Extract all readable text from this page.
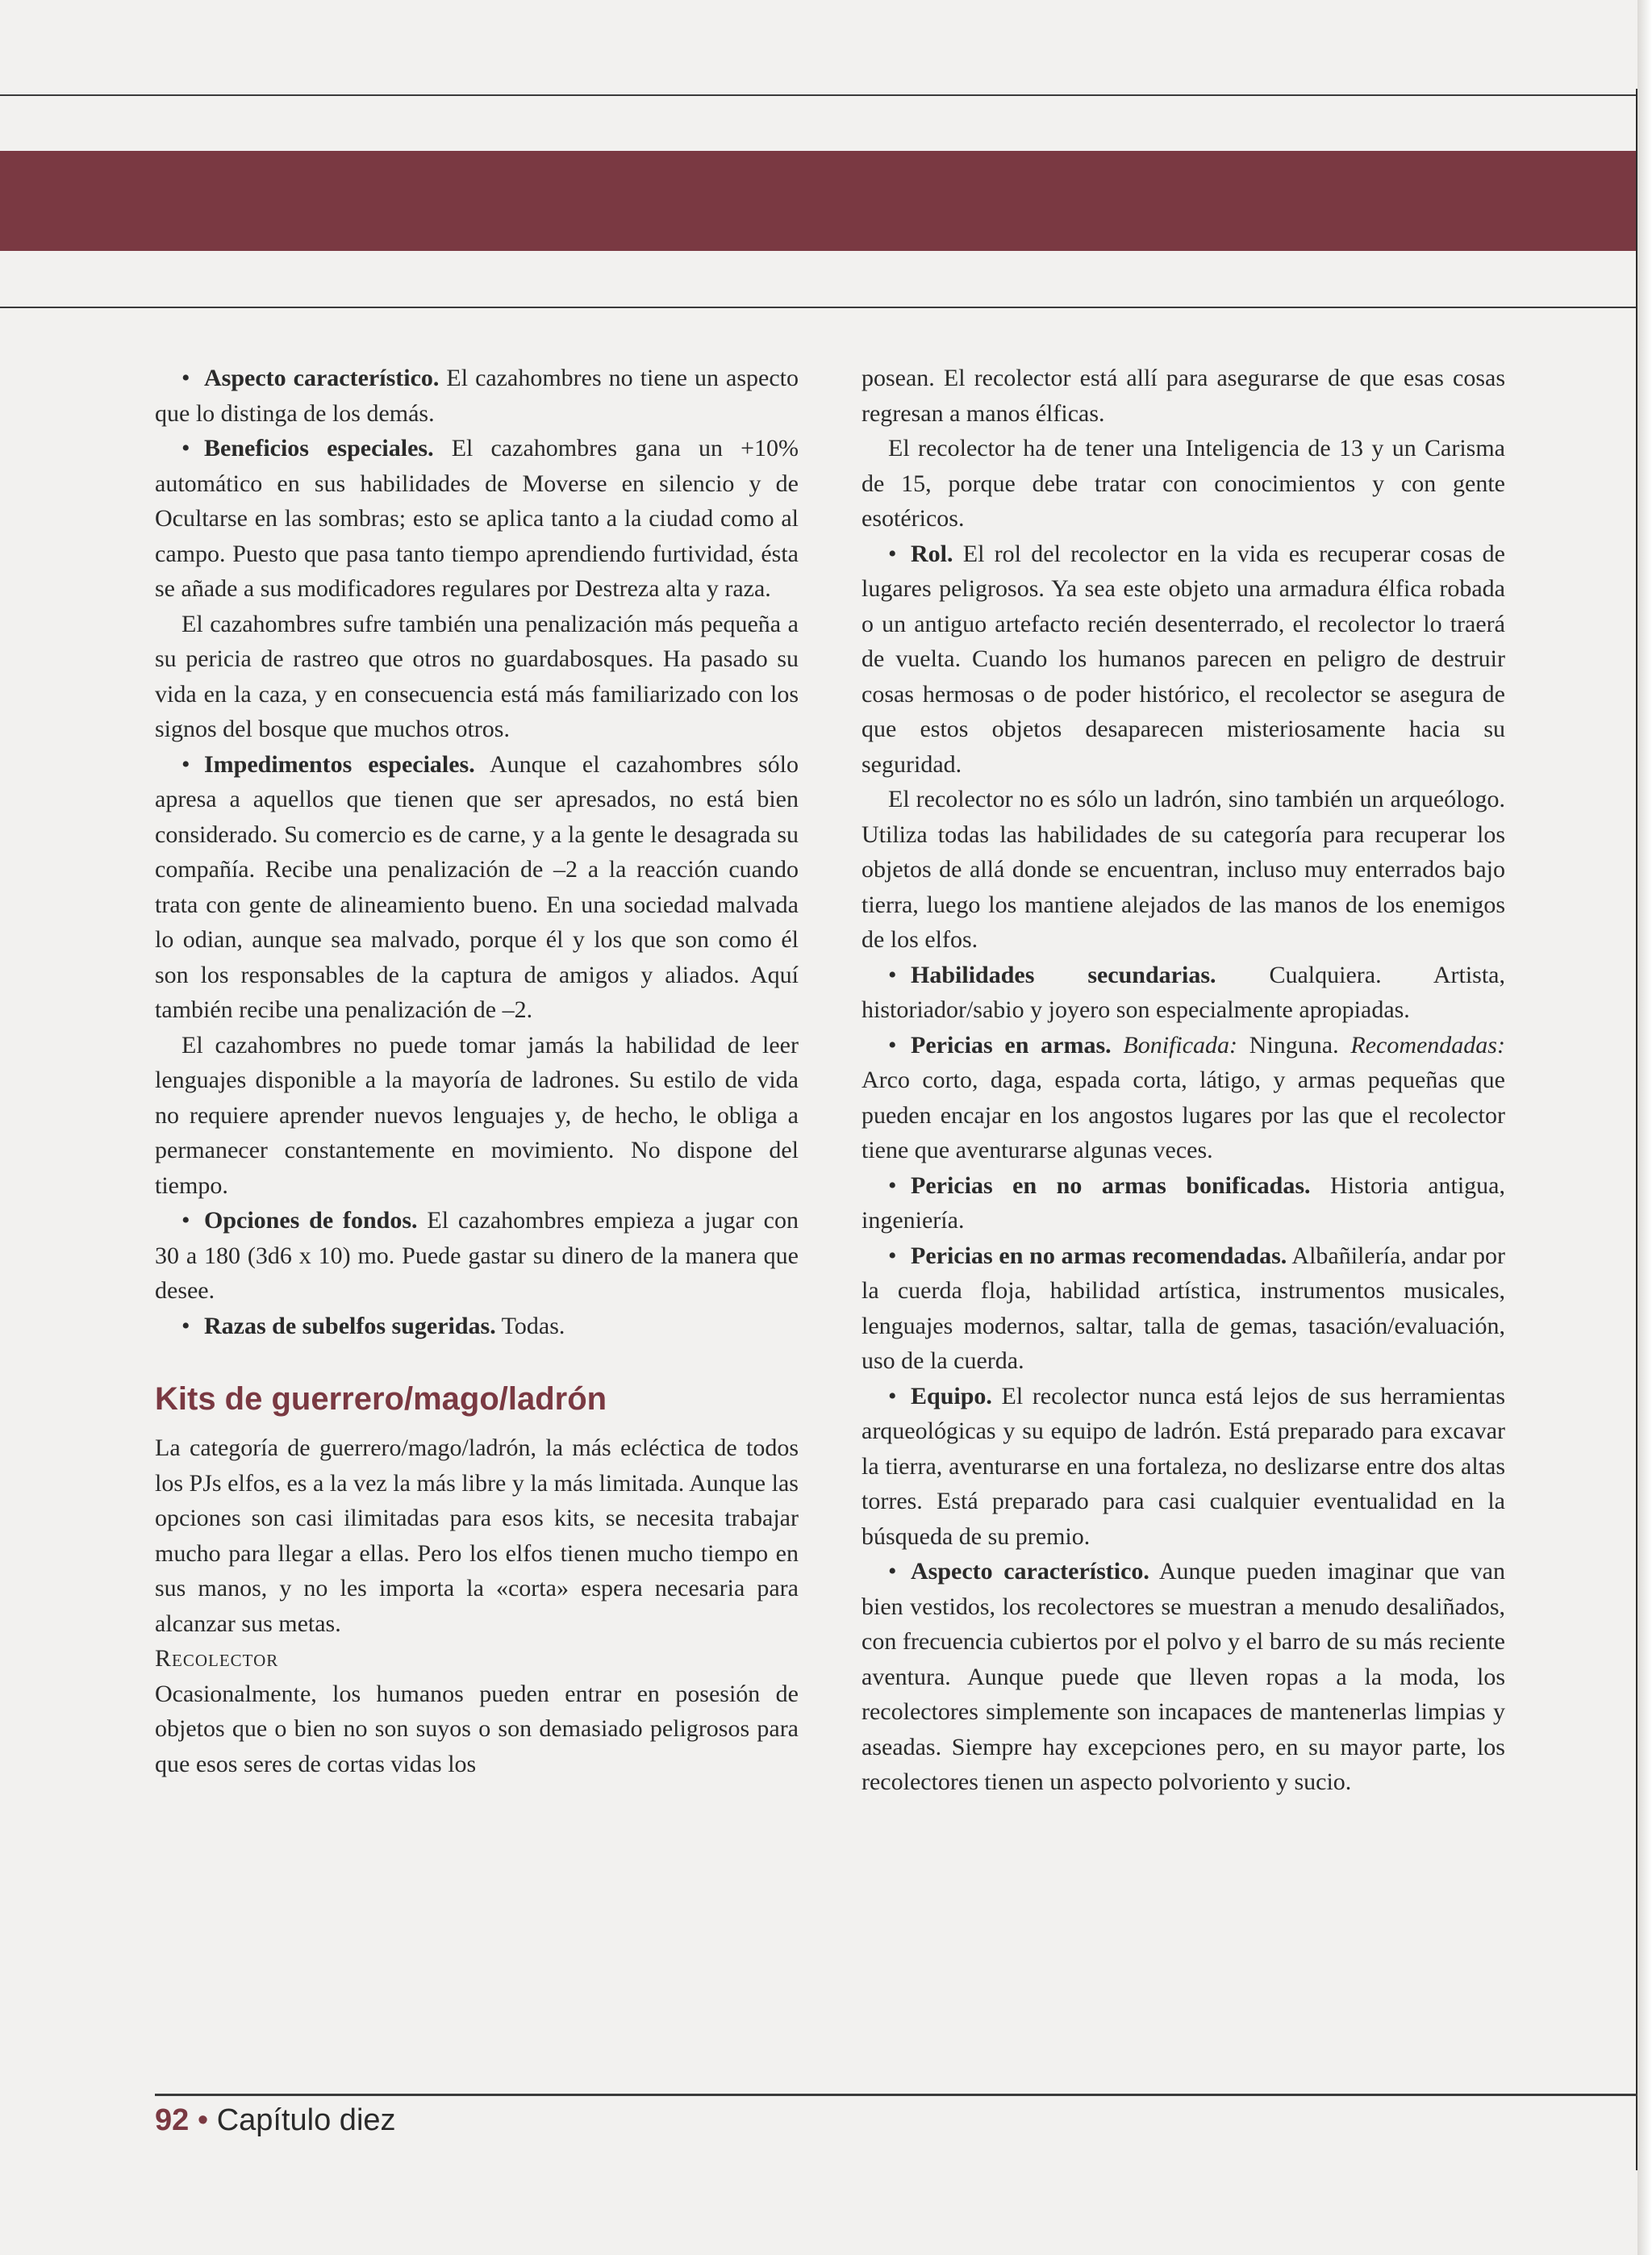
• Aspecto característico. El cazahombres no tiene un aspecto que lo distinga de los demás.

• Beneficios especiales. El cazahombres gana un +10% automático en sus habilidades de Moverse en silencio y de Ocultarse en las sombras; esto se aplica tanto a la ciudad como al campo. Puesto que pasa tanto tiempo aprendiendo furtividad, ésta se añade a sus modificadores regulares por Destreza alta y raza.

El cazahombres sufre también una penalización más pequeña a su pericia de rastreo que otros no guardabosques. Ha pasado su vida en la caza, y en consecuencia está más familiarizado con los signos del bosque que muchos otros.

• Impedimentos especiales. Aunque el cazahombres sólo apresa a aquellos que tienen que ser apresados, no está bien considerado. Su comercio es de carne, y a la gente le desagrada su compañía. Recibe una penalización de –2 a la reacción cuando trata con gente de alineamiento bueno. En una sociedad malvada lo odian, aunque sea malvado, porque él y los que son como él son los responsables de la captura de amigos y aliados. Aquí también recibe una penalización de –2.

El cazahombres no puede tomar jamás la habilidad de leer lenguajes disponible a la mayoría de ladrones. Su estilo de vida no requiere aprender nuevos lenguajes y, de hecho, le obliga a permanecer constantemente en movimiento. No dispone del tiempo.

• Opciones de fondos. El cazahombres empieza a jugar con 30 a 180 (3d6 x 10) mo. Puede gastar su dinero de la manera que desee.

• Razas de subelfos sugeridas. Todas.

Kits de guerrero/mago/ladrón

La categoría de guerrero/mago/ladrón, la más ecléctica de todos los PJs elfos, es a la vez la más libre y la más limitada. Aunque las opciones son casi ilimitadas para esos kits, se necesita trabajar mucho para llegar a ellas. Pero los elfos tienen mucho tiempo en sus manos, y no les importa la «corta» espera necesaria para alcanzar sus metas.

Recolector

Ocasionalmente, los humanos pueden entrar en posesión de objetos que o bien no son suyos o son demasiado peligrosos para que esos seres de cortas vidas los

posean. El recolector está allí para asegurarse de que esas cosas regresan a manos élficas.

El recolector ha de tener una Inteligencia de 13 y un Carisma de 15, porque debe tratar con conocimientos y con gente esotéricos.

• Rol. El rol del recolector en la vida es recuperar cosas de lugares peligrosos. Ya sea este objeto una armadura élfica robada o un antiguo artefacto recién desenterrado, el recolector lo traerá de vuelta. Cuando los humanos parecen en peligro de destruir cosas hermosas o de poder histórico, el recolector se asegura de que estos objetos desaparecen misteriosamente hacia su seguridad.

El recolector no es sólo un ladrón, sino también un arqueólogo. Utiliza todas las habilidades de su categoría para recuperar los objetos de allá donde se encuentran, incluso muy enterrados bajo tierra, luego los mantiene alejados de las manos de los enemigos de los elfos.

• Habilidades secundarias. Cualquiera. Artista, historiador/sabio y joyero son especialmente apropiadas.

• Pericias en armas. Bonificada: Ninguna. Recomendadas: Arco corto, daga, espada corta, látigo, y armas pequeñas que pueden encajar en los angostos lugares por las que el recolector tiene que aventurarse algunas veces.

• Pericias en no armas bonificadas. Historia antigua, ingeniería.

• Pericias en no armas recomendadas. Albañilería, andar por la cuerda floja, habilidad artística, instrumentos musicales, lenguajes modernos, saltar, talla de gemas, tasación/evaluación, uso de la cuerda.

• Equipo. El recolector nunca está lejos de sus herramientas arqueológicas y su equipo de ladrón. Está preparado para excavar la tierra, aventurarse en una fortaleza, no deslizarse entre dos altas torres. Está preparado para casi cualquier eventualidad en la búsqueda de su premio.

• Aspecto característico. Aunque pueden imaginar que van bien vestidos, los recolectores se muestran a menudo desaliñados, con frecuencia cubiertos por el polvo y el barro de su más reciente aventura. Aunque puede que lleven ropas a la moda, los recolectores simplemente son incapaces de mantenerlas limpias y aseadas. Siempre hay excepciones pero, en su mayor parte, los recolectores tienen un aspecto polvoriento y sucio.

92 • Capítulo diez
